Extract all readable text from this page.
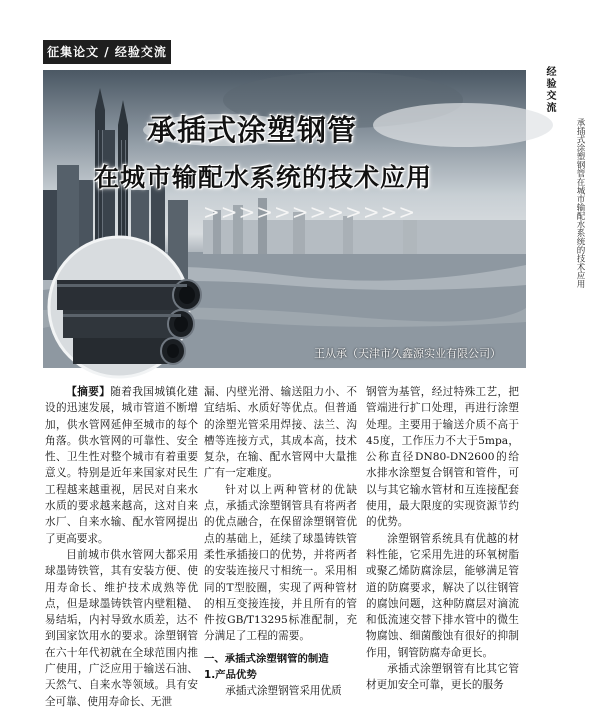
征集论文 / 经验交流
承插式涂塑钢管
在城市输配水系统的技术应用
>>>>>>>>>>>>
王从承（天津市久鑫源实业有限公司）
经验交流
承插式涂塑钢管在城市输配水系统的技术应用

【摘要】随着我国城镇化建设的迅速发展，城市管道不断增加，供水管网延伸至城市的每个角落。供水管网的可靠性、安全性、卫生性对整个城市有着重要意义。特别是近年来国家对民生工程越来越重视，居民对自来水水质的要求越来越高，这对自来水厂、自来水输、配水管网提出了更高要求。

目前城市供水管网大都采用球墨铸铁管，其有安装方便、使用寿命长、维护技术成熟等优点，但是球墨铸铁管内壁粗糙、易结垢，内衬导致水质差，达不到国家饮用水的要求。涂塑钢管在六十年代初就在全球范围内推广使用，广泛应用于输送石油、天然气、自来水等领域。具有安全可靠、使用寿命长、无泄

漏、内壁光滑、输送阻力小、不宜结垢、水质好等优点。但普通的涂塑光管采用焊接、法兰、沟槽等连接方式，其成本高，技术复杂，在输、配水管网中大量推广有一定难度。

针对以上两种管材的优缺点，承插式涂塑钢管具有将两者的优点融合，在保留涂塑钢管优点的基础上，延续了球墨铸铁管柔性承插接口的优势，并将两者的安装连接尺寸相统一。采用相同的T型胶圈，实现了两种管材的相互变接连接，并且所有的管件按GB/T13295标准配制，充分满足了工程的需要。

一、承插式涂塑钢管的制造

1.产品优势

承插式涂塑钢管采用优质

钢管为基管，经过特殊工艺，把管端进行扩口处理，再进行涂塑处理。主要用于输送介质不高于45度，工作压力不大于5mpa，公称直径DN80-DN2600的给水排水涂塑复合钢管和管件，可以与其它输水管材和互连接配套使用，最大限度的实现资源节约的优势。

涂塑钢管系统具有优越的材料性能，它采用先进的环氧树脂或聚乙烯防腐涂层，能够满足管道的防腐要求，解决了以往钢管的腐蚀问题，这种防腐层对滴流和低流速交替下排水管中的微生物腐蚀、细菌酸蚀有很好的抑制作用，钢管防腐寿命更长。

承插式涂塑钢管有比其它管材更加安全可靠，更长的服务
